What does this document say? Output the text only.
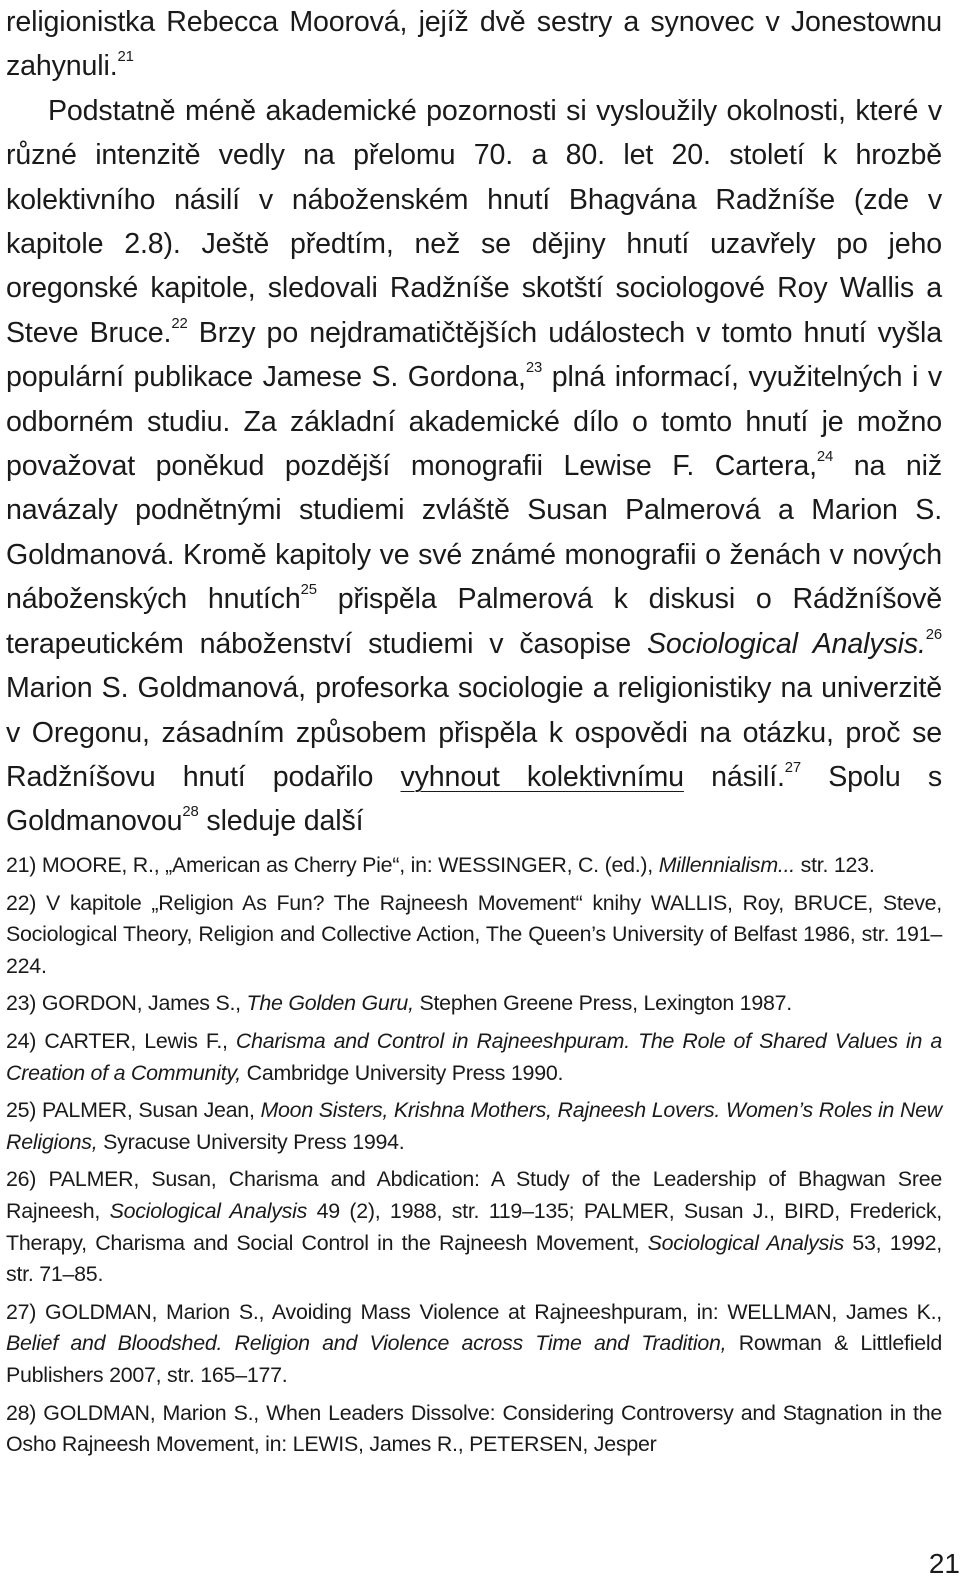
religionistka Rebecca Moorová, jejíž dvě sestry a synovec v Jonestownu zahynuli.$^{21}$

Podstatně méně akademické pozornosti si vysloužily okolnosti, které v různé intenzitě vedly na přelomu 70. a 80. let 20. století k hrozbě kolektivního násilí v náboženském hnutí Bhagvána Radžníše (zde v kapitole 2.8). Ještě předtím, než se dějiny hnutí uzavřely po jeho oregonské kapitole, sledovali Radžníše skotští sociologové Roy Wallis a Steve Bruce.$^{22}$ Brzy po nejdramatičtějších událostech v tomto hnutí vyšla populární publikace Jamese S. Gordona,$^{23}$ plná informací, využitelných i v odborném studiu. Za základní akademické dílo o tomto hnutí je možno považovat poněkud pozdější monografii Lewise F. Cartera,$^{24}$ na niž navázaly podnětnými studiemi zvláště Susan Palmerová a Marion S. Goldmanová. Kromě kapitoly ve své známé monografii o ženách v nových náboženských hnutích$^{25}$ přispěla Palmerová k diskusi o Rádžníšově terapeutickém náboženství studiemi v časopise Sociological Analysis.$^{26}$ Marion S. Goldmanová, profesorka sociologie a religionistiky na univerzitě v Oregonu, zásadním způsobem přispěla k ospovědi na otázku, proč se Radžníšovu hnutí podařilo vyhnout kolektivnímu násilí.$^{27}$ Spolu s Goldmanovou$^{28}$ sleduje další

21) MOORE, R., „American as Cherry Pie“, in: WESSINGER, C. (ed.), Millennialism... str. 123.

22) V kapitole „Religion As Fun? The Rajneesh Movement“ knihy WALLIS, Roy, BRUCE, Steve, Sociological Theory, Religion and Collective Action, The Queen’s University of Belfast 1986, str. 191–224.

23) GORDON, James S., The Golden Guru, Stephen Greene Press, Lexington 1987.

24) CARTER, Lewis F., Charisma and Control in Rajneeshpuram. The Role of Shared Values in a Creation of a Community, Cambridge University Press 1990.

25) PALMER, Susan Jean, Moon Sisters, Krishna Mothers, Rajneesh Lovers. Women’s Roles in New Religions, Syracuse University Press 1994.

26) PALMER, Susan, Charisma and Abdication: A Study of the Leadership of Bhagwan Sree Rajneesh, Sociological Analysis 49 (2), 1988, str. 119–135; PALMER, Susan J., BIRD, Frederick, Therapy, Charisma and Social Control in the Rajneesh Movement, Sociological Analysis 53, 1992, str. 71–85.

27) GOLDMAN, Marion S., Avoiding Mass Violence at Rajneeshpuram, in: WELLMAN, James K., Belief and Bloodshed. Religion and Violence across Time and Tradition, Rowman & Littlefield Publishers 2007, str. 165–177.

28) GOLDMAN, Marion S., When Leaders Dissolve: Considering Controversy and Stagnation in the Osho Rajneesh Movement, in: LEWIS, James R., PETERSEN, Jesper

21
